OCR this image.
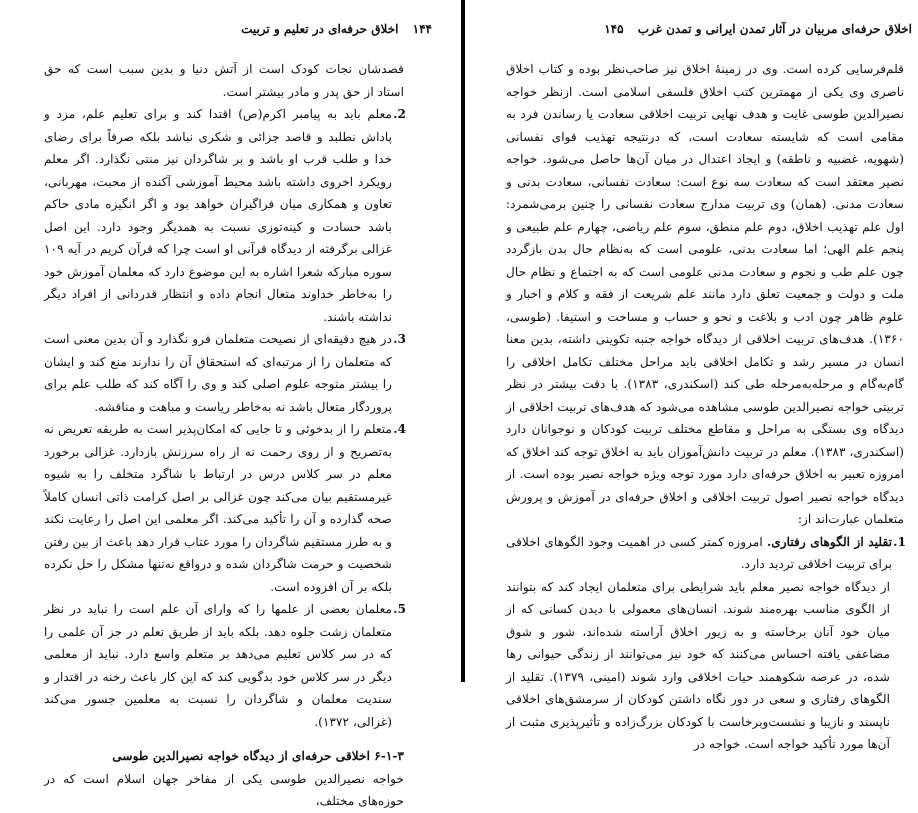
۱۴۴ اخلاق حرفه‌ای در تعلیم و تربیت

قصدشان نجات کودک است از آتش دنیا و بدین سبب است که حق استاد از حق پدر و مادر بیشتر است.

2.

معلم باید به پیامبر اکرم(ص) اقتدا کند و برای تعلیم علم، مزد و پاداش نطلبد و قاصد جزائی و شکری نباشد بلکه صرفاً برای رضای خدا و طلب قرب او باشد و بر شاگردان نیز منتی نگذارد. اگر معلم رویکرد اخروی داشته باشد محیط آموزشی آکنده از محبت، مهربانی، تعاون و همکاری میان فراگیران خواهد بود و اگر انگیزه مادی حاکم باشد حسادت و کینه‌توزی نسبت به همدیگر وجود دارد. این اصل غزالی برگرفته از دیدگاه قرآنی او است چرا که قرآن کریم در آیه ۱۰۹ سوره مبارکه شعرا اشاره به این موضوع دارد که معلمان آموزش خود را به‌خاطر خداوند متعال انجام داده و انتظار قدردانی از افراد دیگر نداشته باشند.

3.

در هیچ دقیقه‌ای از نصیحت متعلمان فرو نگذارد و آن بدین معنی است که متعلمان را از مرتبه‌ای که استحقاق آن را ندارند منع کند و ایشان را بیشتر متوجه علوم اصلی کند و وی را آگاه کند که طلب علم برای پروردگار متعال باشد نه به‌خاطر ریاست و مباهت و مناقشه.

4.

متعلم را از بدخوئی و تا جایی که امکان‌پذیر است به طریقه تعریض نه به‌تصریح و از روی رحمت نه از راه سرزنش بازدارد. غزالی برخورد معلم در سر کلاس درس در ارتباط با شاگرد متخلف را به شیوه غیرمستقیم بیان می‌کند چون غزالی بر اصل کرامت ذاتی انسان کاملاً صحه گذارده و آن را تأکید می‌کند. اگر معلمی این اصل را رعایت نکند و به طرز مستقیم شاگردان را مورد عتاب قرار دهد باعث از بین رفتن شخصیت و حرمت شاگردان شده و درواقع نه‌تنها مشکل را حل نکرده بلکه بر آن افزوده است.

5.

معلمان بعضی از علمها را که وارای آن علم است را نباید در نظر متعلمان زشت جلوه دهد. بلکه باید از طریق تعلم در جز آن علمی را که در سر کلاس تعلیم می‌دهد بر متعلم واسع دارد. نباید از معلمی دیگر در سر کلاس خود بدگویی کند که این کار باعث رخنه در اقتدار و سندیت معلمان و شاگردان را نسبت به معلمین جسور می‌کند (غزالی، ۱۳۷۲).

۶-۱-۳ اخلاقی حرفه‌ای از دیدگاه خواجه نصیرالدین طوسی

خواجه نصیرالدین طوسی یکی از مفاخر جهان اسلام است که در حوزه‌های مختلف،

اخلاق حرفه‌ای مربیان در آثار تمدن ایرانی و تمدن غرب ۱۴۵

قلم‌فرسایی کرده است. وی در زمینهٔ اخلاق نیز صاحب‌نظر بوده و کتاب اخلاق ناصری وی یکی از مهمترین کتب اخلاق فلسفی اسلامی است. ازنظر خواجه نصیرالدین طوسی غایت و هدف نهایی تربیت اخلاقی سعادت یا رساندن فرد به مقامی است که شایسته سعادت است، که درنتیجه تهذیب قوای نفسانی (شهویه، غضبیه و ناطقه) و ایجاد اعتدال در میان آن‌ها حاصل می‌شود. خواجه نصیر معتقد است که سعادت سه نوع است: سعادت نفسانی، سعادت بدنی و سعادت مدنی. (همان) وی تربیت مدارج سعادت نفسانی را چنین برمی‌شمرد: اول علم تهذیب اخلاق، دوم علم منطق، سوم علم ریاضی، چهارم علم طبیعی و پنجم علم الهی؛ اما سعادت بدنی، علومی است که به‌نظام حال بدن بازگردد چون علم طب و نجوم و سعادت مدنی علومی است که به اجتماع و نظام حال ملت و دولت و جمعیت تعلق دارد مانند علم شریعت از فقه و کلام و اخبار و علوم ظاهر چون ادب و بلاغت و نحو و حساب و مساحت و استیفا. (طوسی، ۱۳۶۰). هدف‌های تربیت اخلاقی از دیدگاه خواجه جنبه تکوینی داشته، بدین معنا انسان در مسیر رشد و تکامل اخلاقی باید مراحل مختلف تکامل اخلاقی را گام‌به‌گام و مرحله‌به‌مرحله طی کند (اسکندری، ۱۳۸۳). با دقت بیشتر در نظر تربیتی خواجه نصیرالدین طوسی مشاهده می‌شود که هدف‌های تربیت اخلاقی از دیدگاه وی بستگی به مراحل و مقاطع مختلف تربیت کودکان و نوجوانان دارد (اسکندری، ۱۳۸۳). معلم در تربیت دانش‌آموزان باید به اخلاق توجه کند اخلاق که امروزه تعبیر به اخلاق حرفه‌ای دارد مورد توجه ویژه خواجه نصیر بوده است. از دیدگاه خواجه نصیر اصول تربیت اخلاقی و اخلاق حرفه‌ای در آموزش و پرورش متعلمان عبارت‌اند از:

1.

تقلید از الگوهای رفتاری. امروزه کمتر کسی در اهمیت وجود الگوهای اخلاقی برای تربیت اخلاقی تردید دارد.

از دیدگاه خواجه نصیر معلم باید شرایطی برای متعلمان ایجاد کند که بتوانند از الگوی مناسب بهره‌مند شوند. انسان‌های معمولی با دیدن کسانی که از میان خود آنان برخاسته و به زیور اخلاق آراسته شده‌اند، شور و شوق مضاعفی یافته احساس می‌کنند که خود نیز می‌توانند از زندگی حیوانی رها شده، در عرصه شکوهمند حیات اخلاقی وارد شوند (امینی، ۱۳۷۹). تقلید از الگوهای رفتاری و سعی در دور نگاه داشتن کودکان از سرمشق‌های اخلاقی ناپسند و نازیبا و نشست‌وبرخاست با کودکان بزرگ‌زاده و تأثیرپذیری مثبت از آن‌ها مورد تأکید خواجه است. خواجه در
